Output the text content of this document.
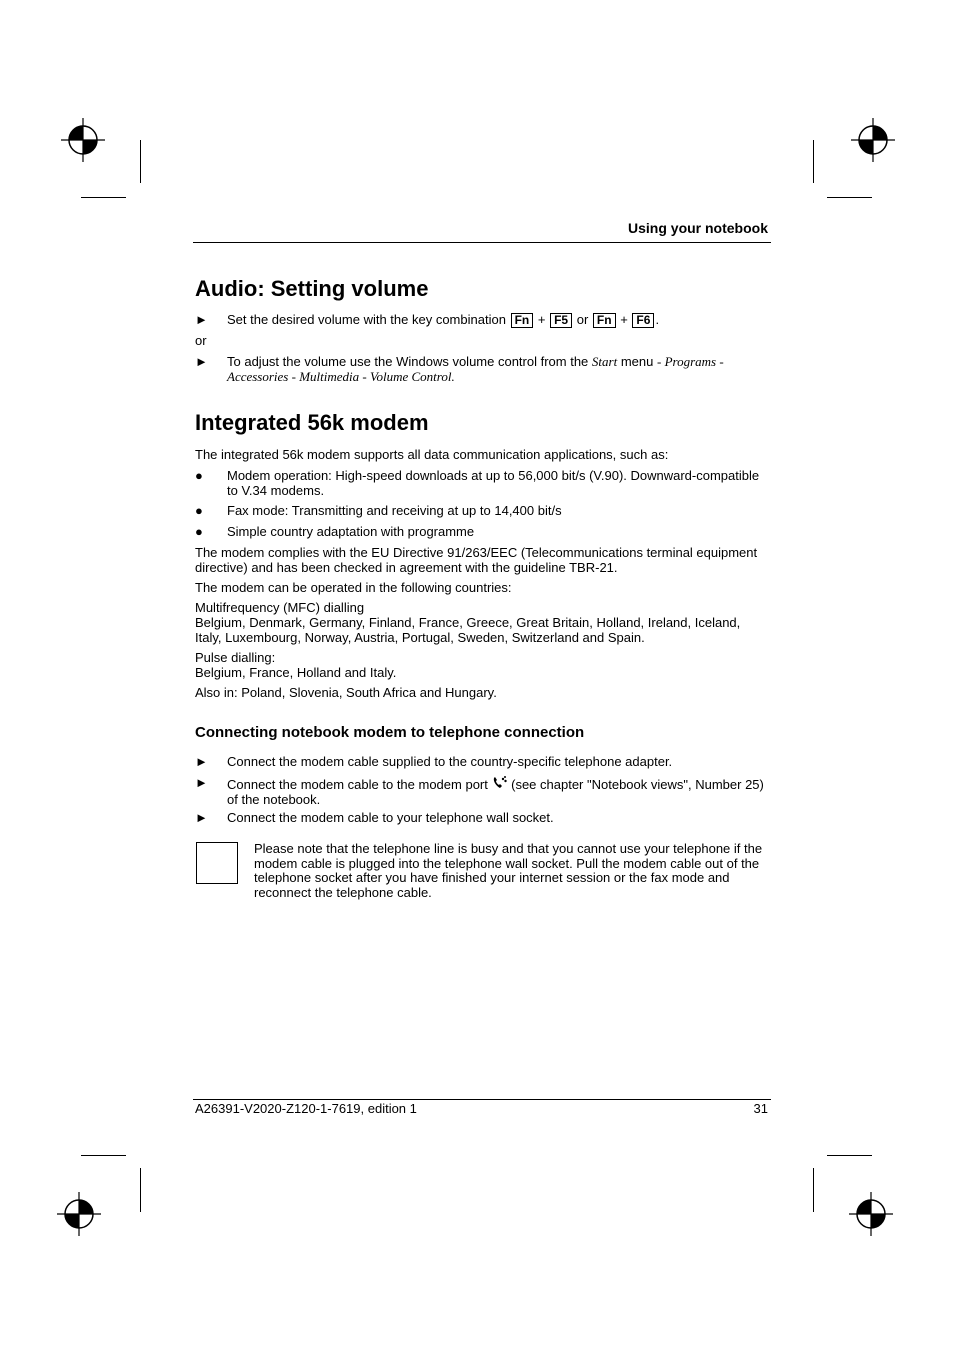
Using your notebook
Audio: Setting volume
►	Set the desired volume with the key combination Fn + F5 or Fn + F6 .
or
►	To adjust the volume use the Windows volume control from the Start menu - Programs - Accessories - Multimedia - Volume Control.
Integrated 56k modem

The integrated 56k modem supports all data communication applications, such as:

●	Modem operation: High-speed downloads at up to 56,000 bit/s (V.90). Downward-compatible to V.34 modems.
●	Fax mode: Transmitting and receiving at up to 14,400 bit/s
●	Simple country adaptation with programme

The modem complies with the EU Directive 91/263/EEC (Telecommunications terminal equipment directive) and has been checked in agreement with the guideline TBR-21.

The modem can be operated in the following countries:

Multifrequency (MFC) dialling

Belgium, Denmark, Germany, Finland, France, Greece, Great Britain, Holland, Ireland, Iceland, Italy, Luxembourg, Norway, Austria, Portugal, Sweden, Switzerland and Spain.

Pulse dialling:

Belgium, France, Holland and Italy.

Also in: Poland, Slovenia, South Africa and Hungary.

Connecting notebook modem to telephone connection
►	Connect the modem cable supplied to the country-specific telephone adapter.
►	Connect the modem cable to the modem port (see chapter "Notebook views", Number 25) of the notebook.
►	Connect the modem cable to your telephone wall socket.

Please note that the telephone line is busy and that you cannot use your telephone if the modem cable is plugged into the telephone wall socket. Pull the modem cable out of the telephone socket after you have finished your internet session or the fax mode and reconnect the telephone cable.

A26391-V2020-Z120-1-7619, edition 1	31
